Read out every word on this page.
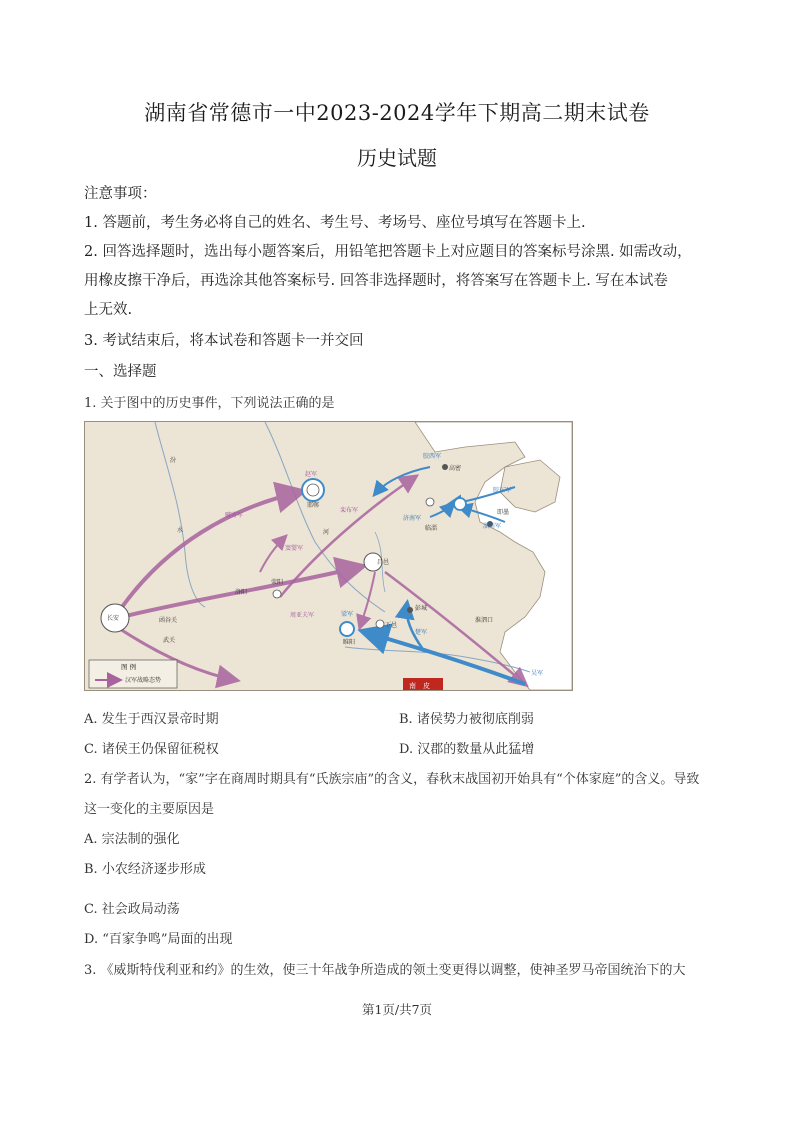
湖南省常德市一中2023-2024学年下期高二期末试卷
历史试题
注意事项：
1. 答题前，考生务必将自己的姓名、考生号、考场号、座位号填写在答题卡上.
2. 回答选择题时，选出每小题答案后，用铅笔把答题卡上对应题目的答案标号涂黑. 如需改动，
用橡皮擦干净后，再选涂其他答案标号. 回答非选择题时，将答案写在答题卡上. 写在本试卷
上无效.
3. 考试结束后，将本试卷和答题卡一并交回
一、选择题
1. 关于图中的历史事件，下列说法正确的是
长安	函谷关
武关
洛阳
荥阳
邯郸
赵军
昌邑
睢阳
梁军
下邑
彭城
楚军
吴军
胶西军
胶东军
高密
即墨
临淄
济南军
淄川军
周亚夫军
郦寄军
栾布军
窦婴军
淮泗口
汾
水	河
南　皮
图 例
汉军战略态势
A. 发生于西汉景帝时期	B. 诸侯势力被彻底削弱
C. 诸侯王仍保留征税权	D. 汉郡的数量从此猛增
2. 有学者认为，“家”字在商周时期具有“氏族宗庙”的含义，春秋末战国初开始具有“个体家庭”的含义。导致
这一变化的主要原因是
A. 宗法制的强化
B. 小农经济逐步形成
C. 社会政局动荡
D. “百家争鸣”局面的出现
3. 《威斯特伐利亚和约》的生效，使三十年战争所造成的领土变更得以调整，使神圣罗马帝国统治下的大
第1页/共7页
